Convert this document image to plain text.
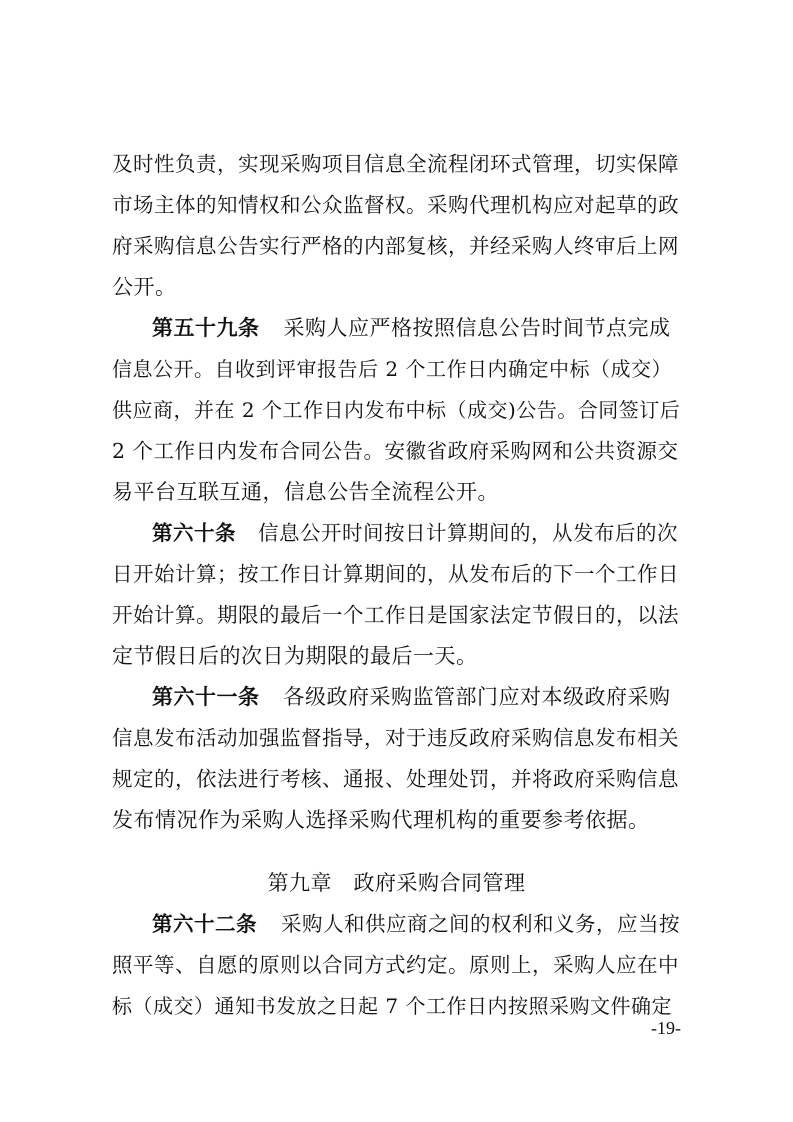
及时性负责，实现采购项目信息全流程闭环式管理，切实保障
市场主体的知情权和公众监督权。采购代理机构应对起草的政
府采购信息公告实行严格的内部复核，并经采购人终审后上网
公开。
第五十九条 采购人应严格按照信息公告时间节点完成
信息公开。自收到评审报告后 2 个工作日内确定中标（成交）
供应商，并在 2 个工作日内发布中标（成交)公告。合同签订后
2 个工作日内发布合同公告。安徽省政府采购网和公共资源交
易平台互联互通，信息公告全流程公开。
第六十条 信息公开时间按日计算期间的，从发布后的次
日开始计算；按工作日计算期间的，从发布后的下一个工作日
开始计算。期限的最后一个工作日是国家法定节假日的，以法
定节假日后的次日为期限的最后一天。
第六十一条 各级政府采购监管部门应对本级政府采购
信息发布活动加强监督指导，对于违反政府采购信息发布相关
规定的，依法进行考核、通报、处理处罚，并将政府采购信息
发布情况作为采购人选择采购代理机构的重要参考依据。
第九章　政府采购合同管理
第六十二条 采购人和供应商之间的权利和义务，应当按
照平等、自愿的原则以合同方式约定。原则上，采购人应在中
标（成交）通知书发放之日起 7 个工作日内按照采购文件确定
-19-
